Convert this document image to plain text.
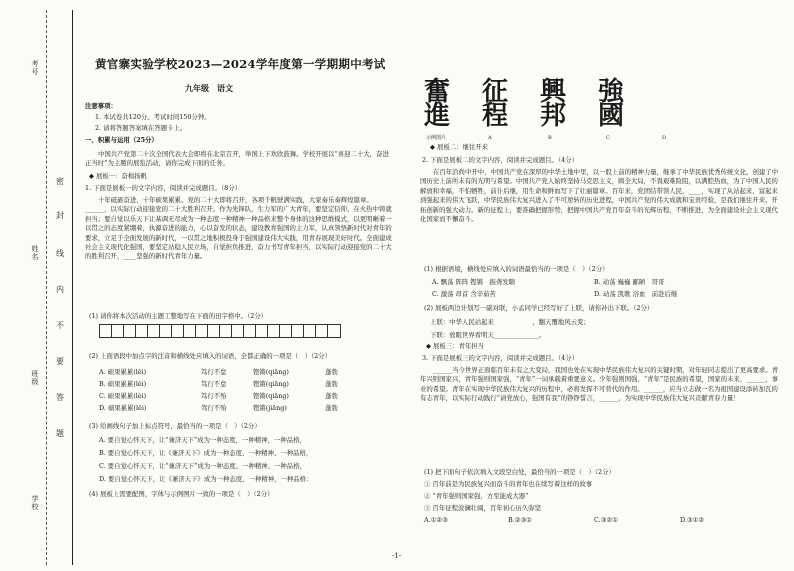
考号
姓名
班级
学校
密
封
线
内
不
要
答
题
黄官寨实验学校2023—2024学年度第一学期期中考试
九年级　语文
注意事项：
1. 本试卷共120分。考试时间150分钟。
2. 请将答题答案填在答题卡上。
一、积累与运用（25分）
中国共产党第二十次全国代表大会即将在北京召开，举国上下欢欣鼓舞。学校开展以“喜迎二十大，奋进正当时”为主题的展览活动，请你完成下面的任务。
◆ 展板一：奋楫扬帆
1. 下面是展板一的文字内容，阅读并完成题目。（8分）
十年砥砺奋进，十年硕果累累。党的二十大即将召开，各项千帆驶满实践，大家奏乐奏辉煌篇章。______，以实际行动迎接党的二十大胜利召开。作为先锋队，生力军的广大青年，要坚定信仰、在火热中铸就担当；要自觉以乐天下让基调无尽成为一种态度一种精神一种品格来整个身体的这种思维模式，以更明晰着一以贯之的态度紧绷着，执源奋进的能力，心以奋发的状态，建设教育强国的主力军，认真领悟新时代对青年的要求，立足于全面发展的新时代，一以贯之地积极投身于强国建设伟大实践，用青春展现美好时代。全面建成社会主义现代化强国，要坚定站稳人民立场，自觉担负推进，奋力书写青年担当，以实际行动迎接党的二十大的胜利召开，____坚强的新时代青年力量。
(1) 请你将本次活动的主题工整地写在下面的田字格中。（2分）
(2) 上面语段中加点字的注音和横线处应填入的词语，全都正确的一项是（　）（2分）
A. 硕果累累(lěi)	笃行不怠	铿锵(qiāng)	蓬勃
B. 硕果累累(lěi)	笃行不怠	铿锵(qiāng)	蓬勃
C. 硕果累累(lèi)	笃行不殆	铿锵(qiāng)	蓬勃
D. 硕果累累(lěi)	驾行不殆	铿锵(jiāng)	蓬勃
(3) 给画线句子加上标点符号，最恰当的一项是（　）（2分）
A. 要自觉心怀天下，让“兼济天下”成为一种态度，一种精神，一种品格，
B. 要自觉心怀天下，让《兼济天下》成为一种态度、一种精神、一种品格，
C. 要自觉心怀天下，让“兼济天下”成为一种态度、一种精神、一种品格，
D. 要自觉心怀天下，让《兼济天下》成为一种态度，一种精神，一种品格：
(4) 展板上需要配图，字体与示例图片一致的一项是（　）（2分）
奮 征 興 強
進 程 邦 國
示例图片	A	B	C	D
◆ 展板二：继往开来
2. 下面是展板二的文字内容，阅读并完成题目。（4分）
在百年洽尚中开中，中国共产党在深厚的中华土地中里，以一股上前的精神力量，继承了中华民族优秀传统文化，创建了中国历史上前所未有的光明与希望。中国共产党人始终坚持马克思主义，顾全大局，不畏艰难险阻，以满腔热血，为了中国人民的解放和幸福，不怕牺牲，前仆后继，用生命和鲜血写下了壮丽篇章。百年来，党团结带领人民，____，实现了从站起来、富起来到强起来的伟大飞跃，中华民族伟大复兴进入了不可逆转的历史进程，中国共产党的伟大成就和宝贵经验，是我们继往开来、开拓创新的强大动力。新的征程上，要准确把握形势，把握中国共产党百年奋斗的光辉历程，不断推进，为全面建设社会主义现代化国家而不懈奋斗。
(1) 根据语境，横线处应填入的词语最恰当的一项是（　）（2分）
A. 飘荡 阵阵 铿锵　振聋发聩	B. 动荡 巍巍 鄙陋　哥哥
C. 激荡 昂首 含辛茹苦	D. 动荡 凯歌 浴血　前赴后继
(2) 展板两边计划写一副对联，小孟同学已经写好了上联，请你补出下联。（2分）
上联：中华人民站起来　　　　　　，翻天覆地风云变；
下联：放眼世界看明天______________。
◆ 展板三：青年担当
3. 下面是展板三的文字内容，阅读并完成题目。（4分）
______当今世界正面临百年未有之大变局，我国也处在实现中华民族伟大复兴的关键时期，对年轻同志提出了更高要求。青年兴则国家兴，青年强则国家强，“青年”一词承载着重要意义。少年强则国强，“青年”是民族的希望，国家的未来，______，事业的希望。青年在实现中华民族伟大复兴的历程中，必将发挥不可替代的作用。______，应当立志做一名为祖国建设添砖加瓦的有志青年，以实际行动践行“请党放心，强国有我”的铮铮誓言，______，为实现中华民族伟大复兴贡献青春力量！
(1) 把下面句子依次填入文段空白处，最恰当的一项是（　）（2分）
① 百年前是为民族复兴而奋斗的青年也在续写着这样的故事
② “青年强则国家强，方至能成大器”
③ 百年征程波澜壮阔，百年初心历久弥坚
A.①②③	B.②③①	C.③②①	D.③①②
-1-
